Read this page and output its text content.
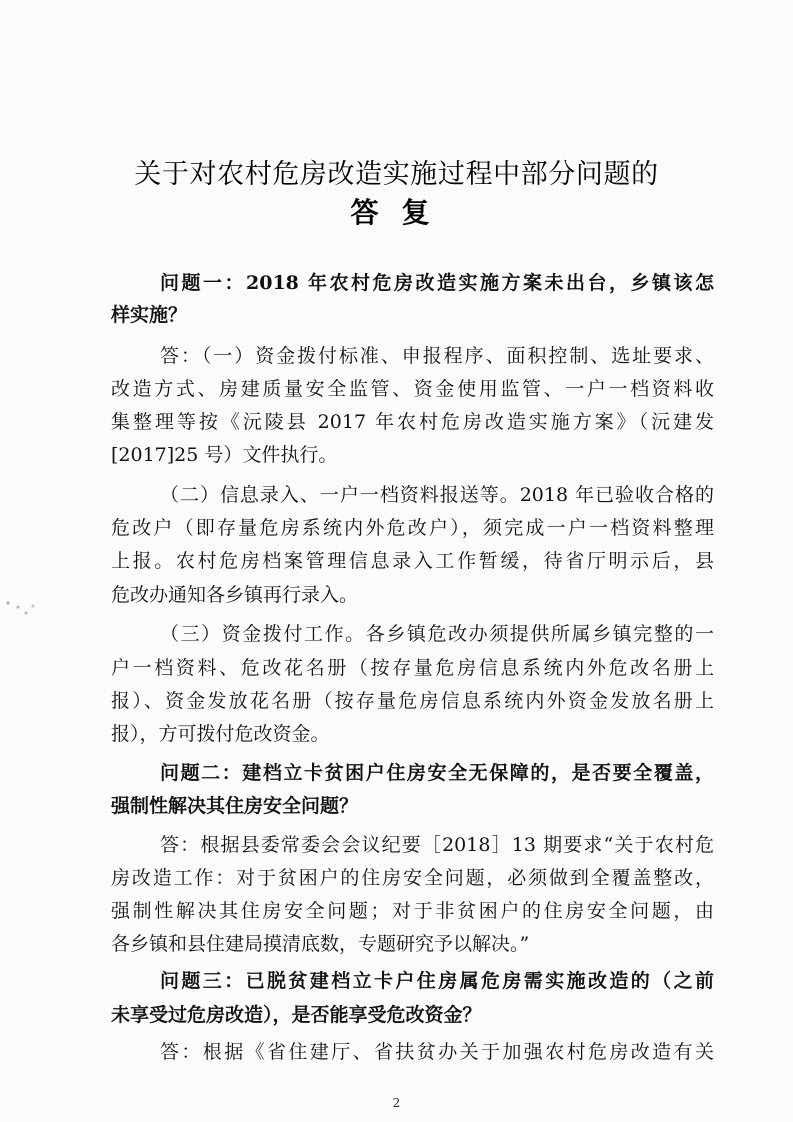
关于对农村危房改造实施过程中部分问题的
答复
问题一：2018 年农村危房改造实施方案未出台，乡镇该怎
样实施？
答：（一）资金拨付标准、申报程序、面积控制、选址要求、
改造方式、房建质量安全监管、资金使用监管、一户一档资料收
集整理等按《沅陵县 2017 年农村危房改造实施方案》（沅建发
[2017]25 号）文件执行。
（二）信息录入、一户一档资料报送等。2018 年已验收合格的
危改户（即存量危房系统内外危改户），须完成一户一档资料整理
上报。农村危房档案管理信息录入工作暂缓，待省厅明示后，县
危改办通知各乡镇再行录入。
（三）资金拨付工作。各乡镇危改办须提供所属乡镇完整的一
户一档资料、危改花名册（按存量危房信息系统内外危改名册上
报）、资金发放花名册（按存量危房信息系统内外资金发放名册上
报），方可拨付危改资金。
问题二：建档立卡贫困户住房安全无保障的，是否要全覆盖，
强制性解决其住房安全问题？
答：根据县委常委会会议纪要［2018］13 期要求“关于农村危
房改造工作：对于贫困户的住房安全问题，必须做到全覆盖整改，
强制性解决其住房安全问题；对于非贫困户的住房安全问题，由
各乡镇和县住建局摸清底数，专题研究予以解决。”
问题三：已脱贫建档立卡户住房属危房需实施改造的（之前
未享受过危房改造），是否能享受危改资金？
答：根据《省住建厅、省扶贫办关于加强农村危房改造有关
2
